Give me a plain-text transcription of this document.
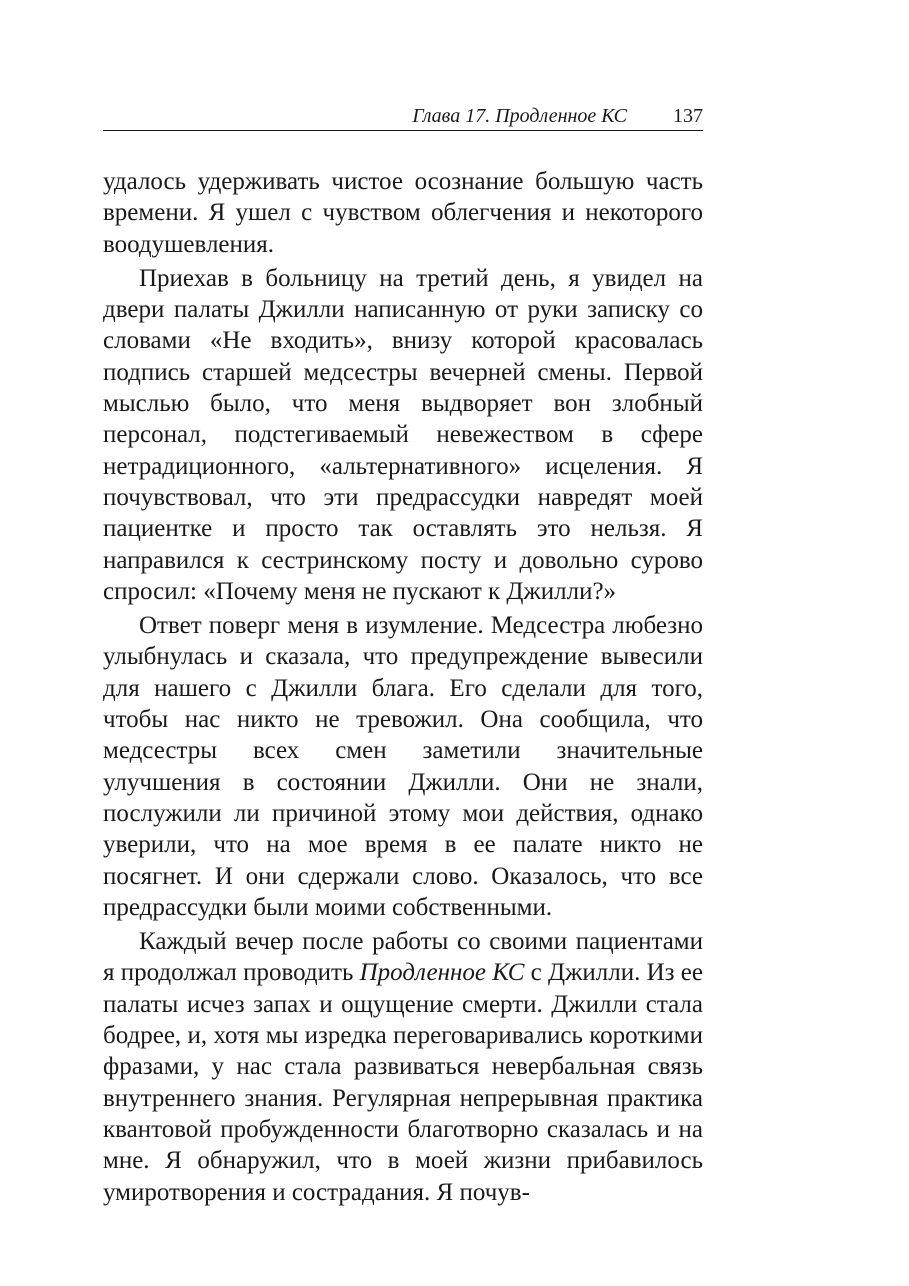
Глава 17. Продленное КС 137

удалось удерживать чистое осознание большую часть времени. Я ушел с чувством облегчения и некоторого воодушевления.

Приехав в больницу на третий день, я увидел на двери палаты Джилли написанную от руки записку со словами «Не входить», внизу которой красовалась подпись старшей медсестры вечерней смены. Первой мыслью было, что меня выдворяет вон злобный персонал, подстегиваемый невежеством в сфере нетрадиционного, «альтернативного» исцеления. Я почувствовал, что эти предрассудки навредят моей пациентке и просто так оставлять это нельзя. Я направился к сестринскому посту и довольно сурово спросил: «Почему меня не пускают к Джилли?»

Ответ поверг меня в изумление. Медсестра любезно улыбнулась и сказала, что предупреждение вывесили для нашего с Джилли блага. Его сделали для того, чтобы нас никто не тревожил. Она сообщила, что медсестры всех смен заметили значительные улучшения в состоянии Джилли. Они не знали, послужили ли причиной этому мои действия, однако уверили, что на мое время в ее палате никто не посягнет. И они сдержали слово. Оказалось, что все предрассудки были моими собственными.

Каждый вечер после работы со своими пациентами я продолжал проводить Продленное КС с Джилли. Из ее палаты исчез запах и ощущение смерти. Джилли стала бодрее, и, хотя мы изредка переговаривались короткими фразами, у нас стала развиваться невербальная связь внутреннего знания. Регулярная непрерывная практика квантовой пробужденности благотворно сказалась и на мне. Я обнаружил, что в моей жизни прибавилось умиротворения и сострадания. Я почув-
